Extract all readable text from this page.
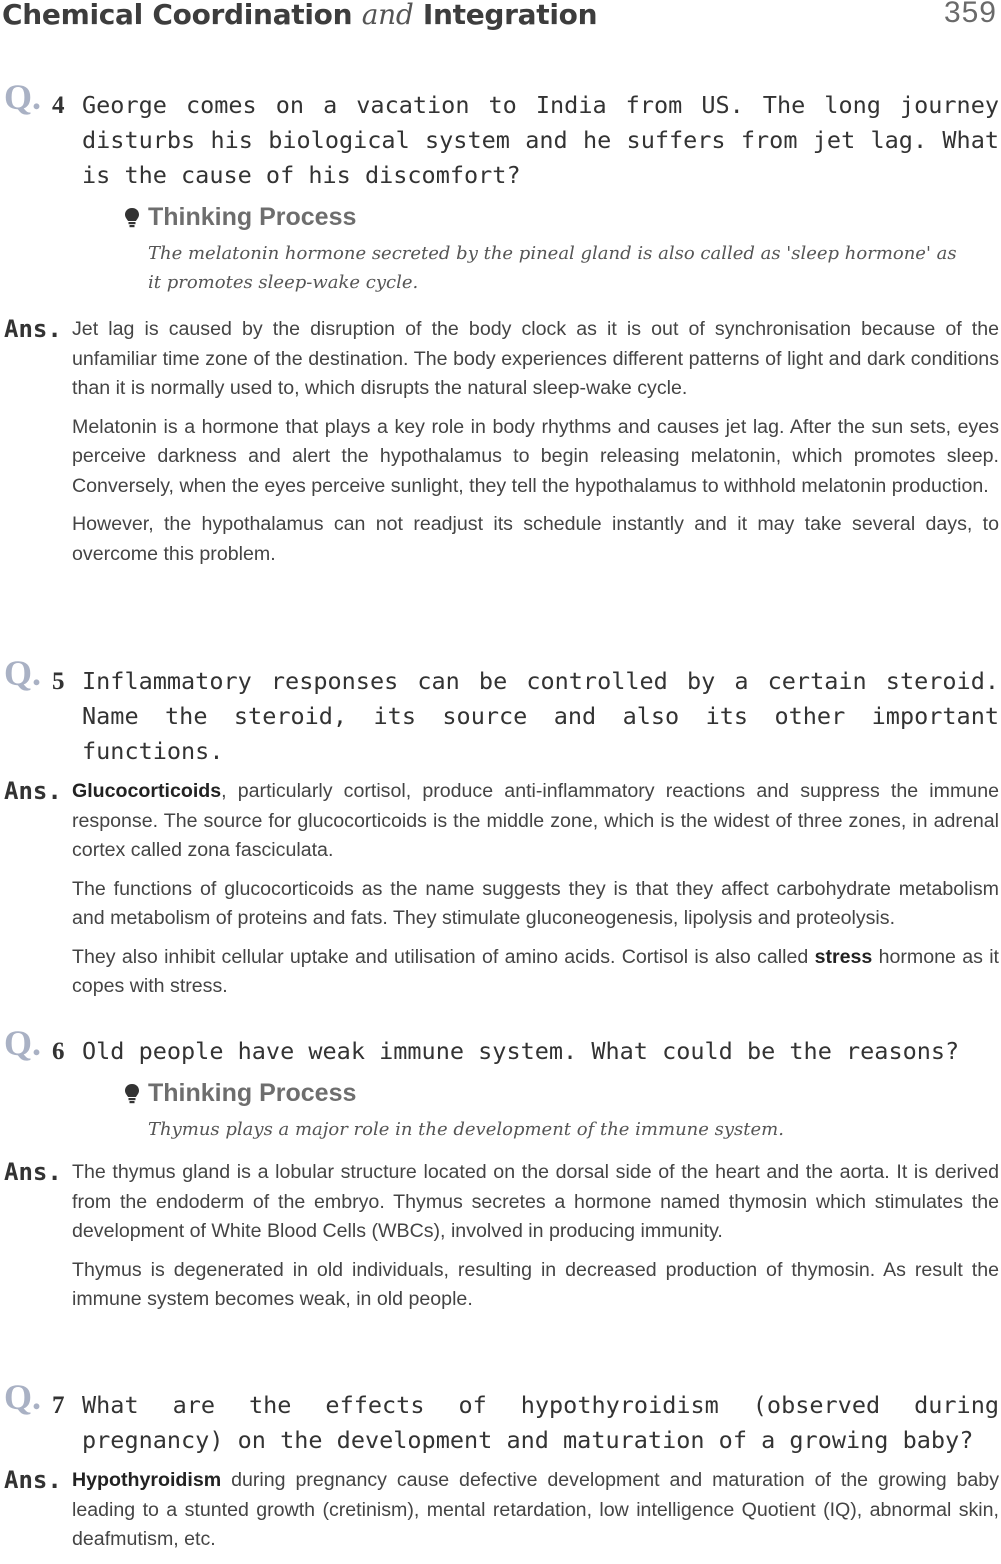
Chemical Coordination and Integration	359
Q. 4 George comes on a vacation to India from US. The long journey disturbs his biological system and he suffers from jet lag. What is the cause of his discomfort?
Thinking Process
The melatonin hormone secreted by the pineal gland is also called as 'sleep hormone' as it promotes sleep-wake cycle.
Ans. Jet lag is caused by the disruption of the body clock as it is out of synchronisation because of the unfamiliar time zone of the destination. The body experiences different patterns of light and dark conditions than it is normally used to, which disrupts the natural sleep-wake cycle.

Melatonin is a hormone that plays a key role in body rhythms and causes jet lag. After the sun sets, eyes perceive darkness and alert the hypothalamus to begin releasing melatonin, which promotes sleep. Conversely, when the eyes perceive sunlight, they tell the hypothalamus to withhold melatonin production.

However, the hypothalamus can not readjust its schedule instantly and it may take several days, to overcome this problem.

Q. 5 Inflammatory responses can be controlled by a certain steroid. Name the steroid, its source and also its other important functions.
Ans. Glucocorticoids, particularly cortisol, produce anti-inflammatory reactions and suppress the immune response. The source for glucocorticoids is the middle zone, which is the widest of three zones, in adrenal cortex called zona fasciculata.

The functions of glucocorticoids as the name suggests they is that they affect carbohydrate metabolism and metabolism of proteins and fats. They stimulate gluconeogenesis, lipolysis and proteolysis.

They also inhibit cellular uptake and utilisation of amino acids. Cortisol is also called stress hormone as it copes with stress.

Q. 6 Old people have weak immune system. What could be the reasons?
Thinking Process
Thymus plays a major role in the development of the immune system.
Ans. The thymus gland is a lobular structure located on the dorsal side of the heart and the aorta. It is derived from the endoderm of the embryo. Thymus secretes a hormone named thymosin which stimulates the development of White Blood Cells (WBCs), involved in producing immunity.

Thymus is degenerated in old individuals, resulting in decreased production of thymosin. As result the immune system becomes weak, in old people.

Q. 7 What are the effects of hypothyroidism (observed during pregnancy) on the development and maturation of a growing baby?
Ans. Hypothyroidism during pregnancy cause defective development and maturation of the growing baby leading to a stunted growth (cretinism), mental retardation, low intelligence Quotient (IQ), abnormal skin, deafmutism, etc.
